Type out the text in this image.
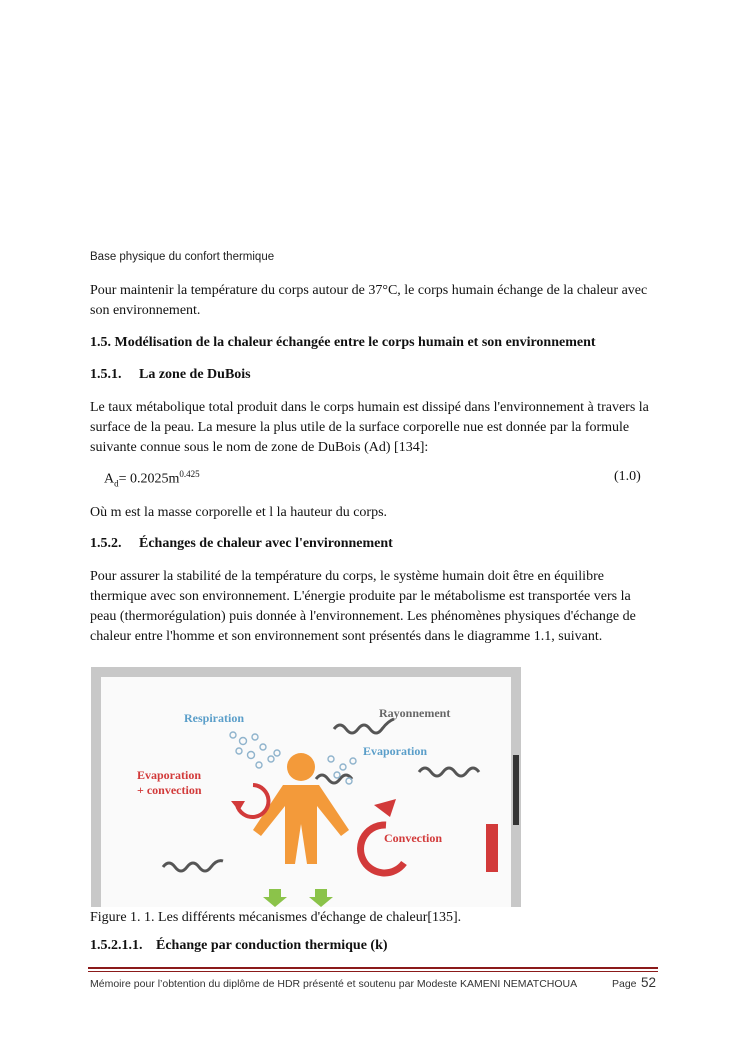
Base physique du confort thermique
Pour maintenir la température du corps autour de 37°C, le corps humain échange de la chaleur avec son environnement.
1.5. Modélisation de la chaleur échangée entre le corps humain et son environnement
1.5.1. La zone de DuBois
Le taux métabolique total produit dans le corps humain est dissipé dans l'environnement à travers la surface de la peau. La mesure la plus utile de la surface corporelle nue est donnée par la formule suivante connue sous le nom de zone de DuBois (Ad) [134]:
$A_d= 0.2025m^{0.425}$	(1.0)
Où m est la masse corporelle et l la hauteur du corps.
1.5.2. Échanges de chaleur avec l'environnement
Pour assurer la stabilité de la température du corps, le système humain doit être en équilibre thermique avec son environnement. L'énergie produite par le métabolisme est transportée vers la peau (thermorégulation) puis donnée à l'environnement. Les phénomènes physiques d'échange de chaleur entre l'homme et son environnement sont présentés dans le diagramme 1.1, suivant.
Respiration	Rayonnement
Evaporation
Evaporation
+ convection
Convection
Figure 1. 1. Les différents mécanismes d'échange de chaleur[135].
1.5.2.1.1. Échange par conduction thermique (k)
Mémoire pour l’obtention du diplôme de HDR présenté et soutenu par Modeste KAMENI NEMATCHOUA	Page 52
